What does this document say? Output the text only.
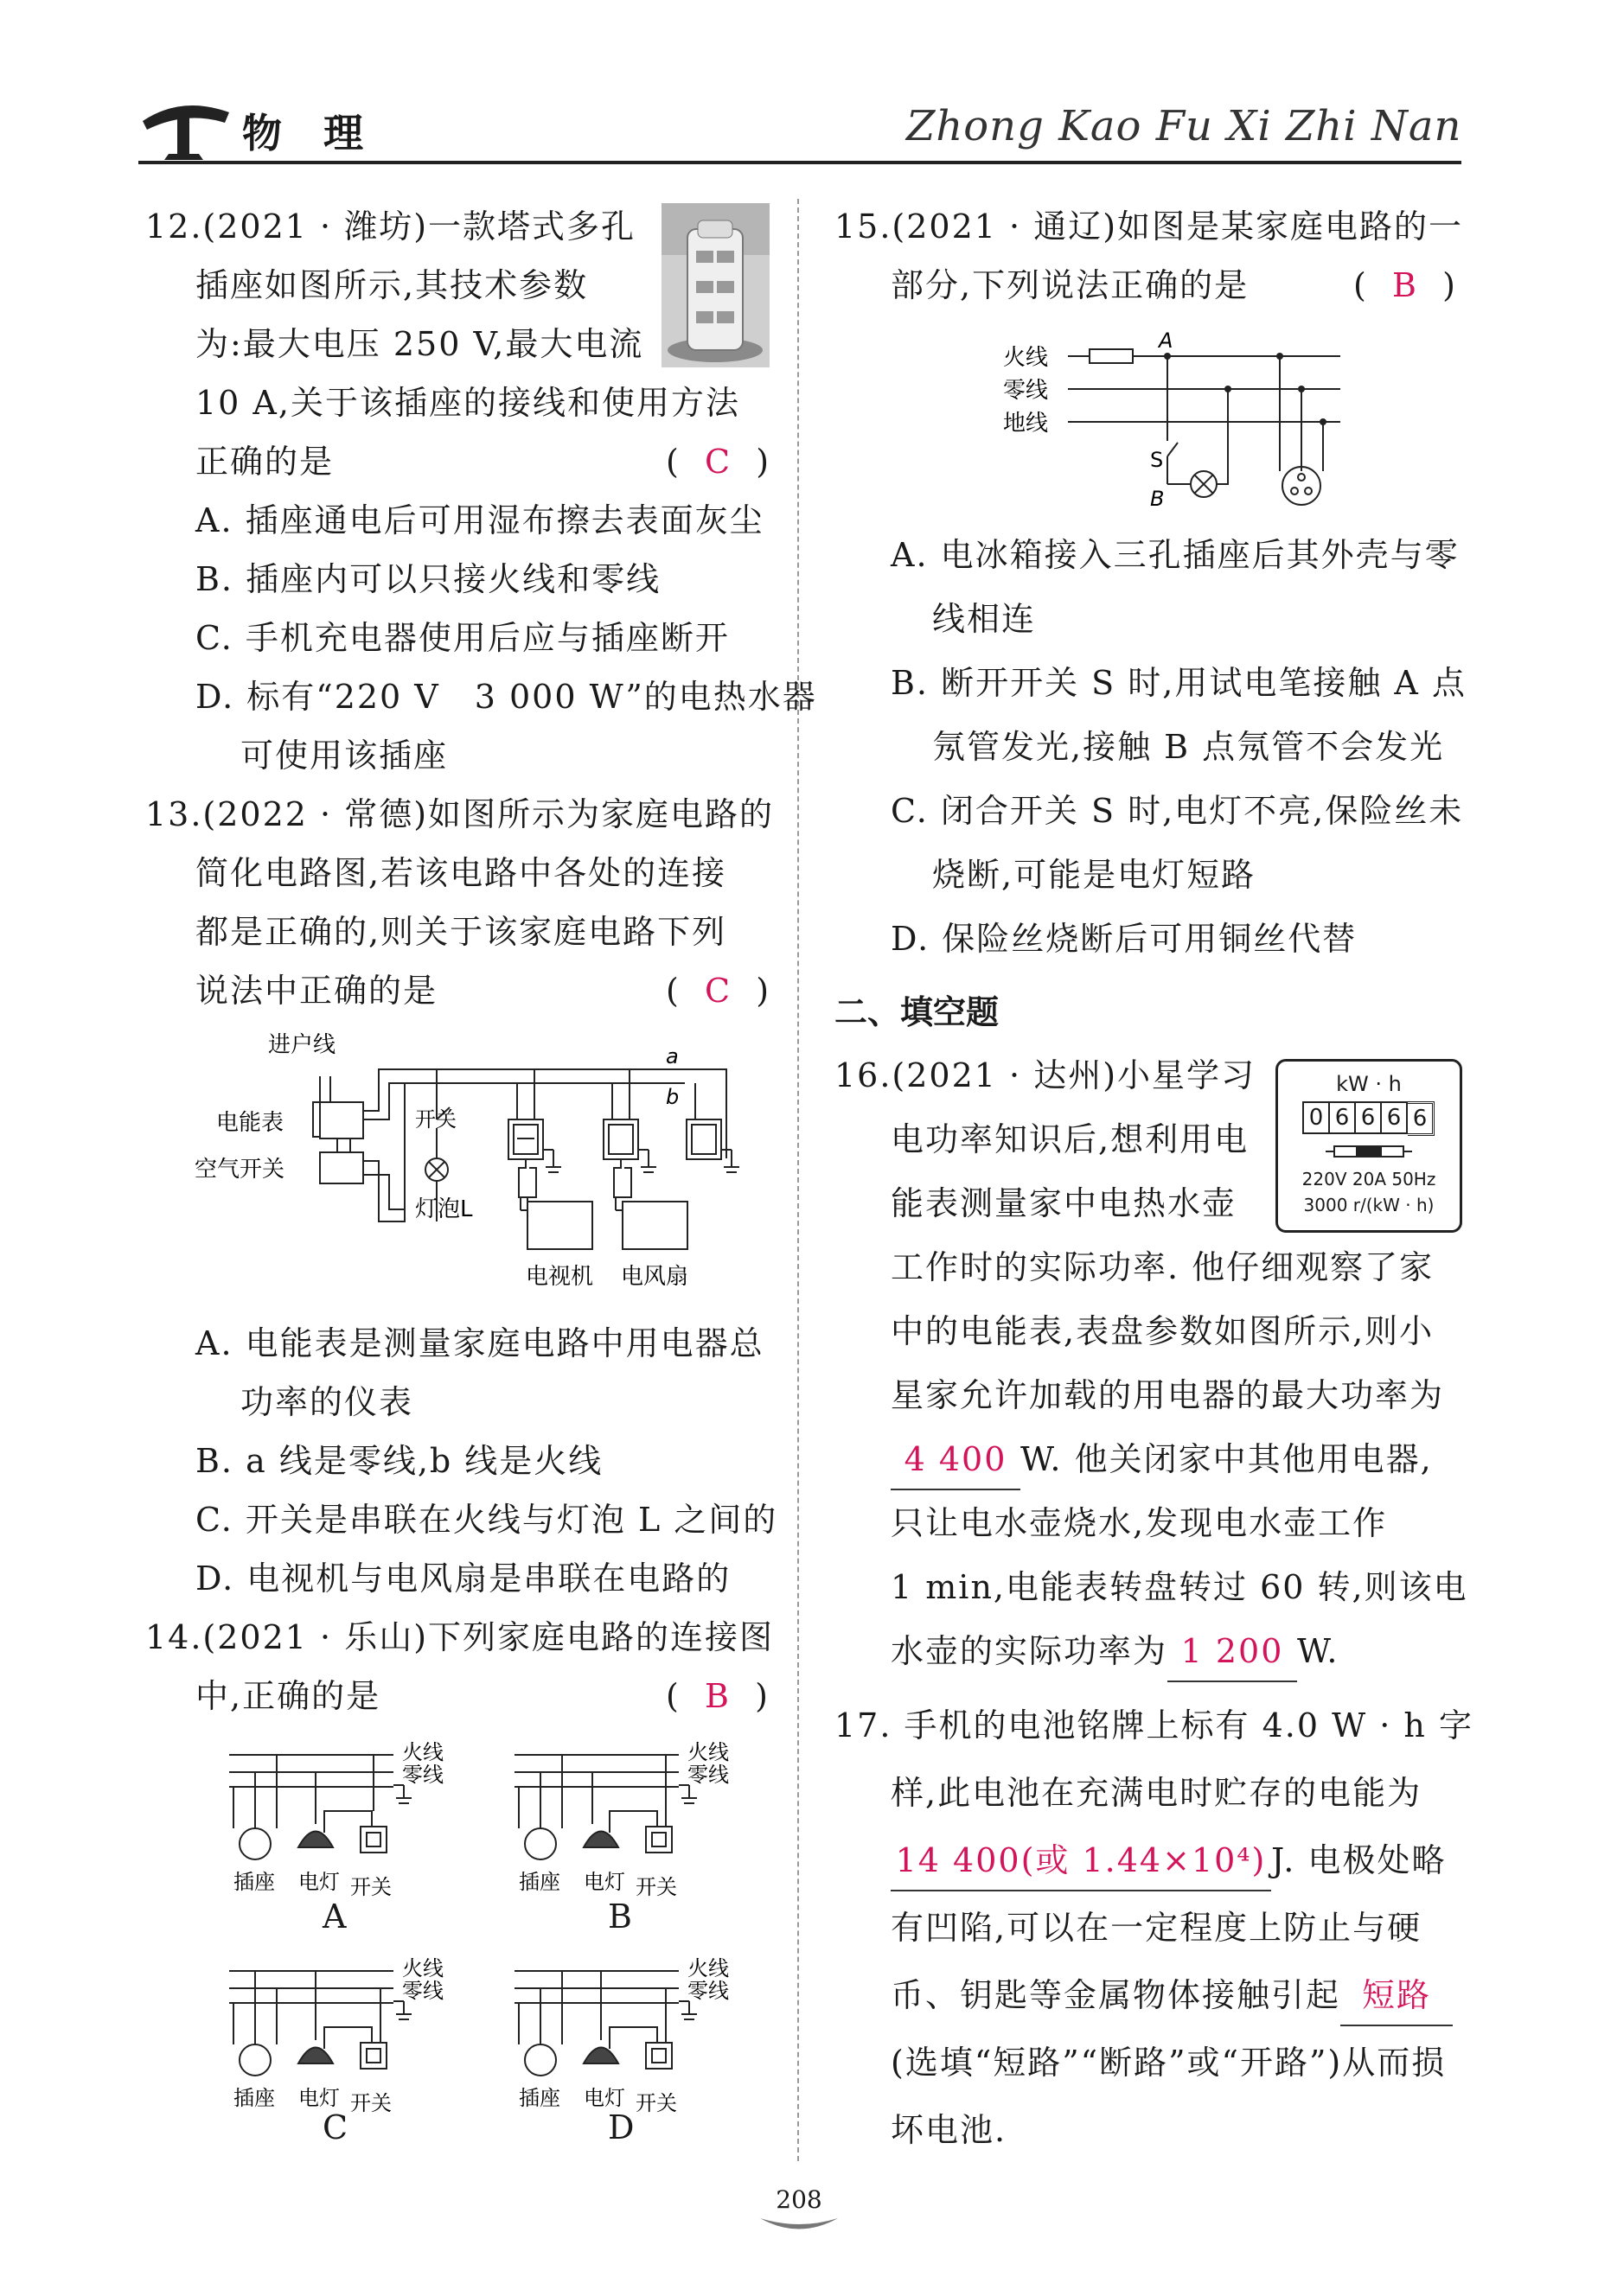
物 理	Zhong Kao Fu Xi Zhi Nan
12.(2021 · 潍坊)一款塔式多孔
插座如图所示,其技术参数
为:最大电压 250 V,最大电流
10 A,关于该插座的接线和使用方法
正确的是	(  C  )
A. 插座通电后可用湿布擦去表面灰尘
B. 插座内可以只接火线和零线
C. 手机充电器使用后应与插座断开
D. 标有“220 V　3 000 W”的电热水器
可使用该插座
13.(2022 · 常德)如图所示为家庭电路的
简化电路图,若该电路中各处的连接
都是正确的,则关于该家庭电路下列
说法中正确的是	(  C  )
进户线
电能表
空气开关
开关
灯泡L
电视机 电风扇
a
b
A. 电能表是测量家庭电路中用电器总
功率的仪表
B. a 线是零线,b 线是火线
C. 开关是串联在火线与灯泡 L 之间的
D. 电视机与电风扇是串联在电路的
14.(2021 · 乐山)下列家庭电路的连接图
中,正确的是	(  B  )
火线
零线
插座 电灯 开关
A
火线
零线
插座 电灯 开关
B
火线
零线
插座 电灯 开关
C
火线
零线
插座 电灯 开关
D
15.(2021 · 通辽)如图是某家庭电路的一
部分,下列说法正确的是	(  B  )
火线
零线
地线
A
S
B
A. 电冰箱接入三孔插座后其外壳与零
线相连
B. 断开开关 S 时,用试电笔接触 A 点
氖管发光,接触 B 点氖管不会发光
C. 闭合开关 S 时,电灯不亮,保险丝未
烧断,可能是电灯短路
D. 保险丝烧断后可用铜丝代替
二、填空题
16.(2021 · 达州)小星学习
电功率知识后,想利用电
能表测量家中电热水壶
kW · h
0 6 6 6 6
220V 20A 50Hz
3000 r/(kW · h)
工作时的实际功率. 他仔细观察了家
中的电能表,表盘参数如图所示,则小
星家允许加载的用电器的最大功率为
4 400 W. 他关闭家中其他用电器,
只让电水壶烧水,发现电水壶工作
1 min,电能表转盘转过 60 转,则该电
水壶的实际功率为 1 200 W.
17. 手机的电池铭牌上标有 4.0 W · h 字
样,此电池在充满电时贮存的电能为
14 400(或 1.44×10⁴) J. 电极处略
有凹陷,可以在一定程度上防止与硬
币、钥匙等金属物体接触引起 短路
(选填“短路”“断路”或“开路”)从而损
坏电池.
208
